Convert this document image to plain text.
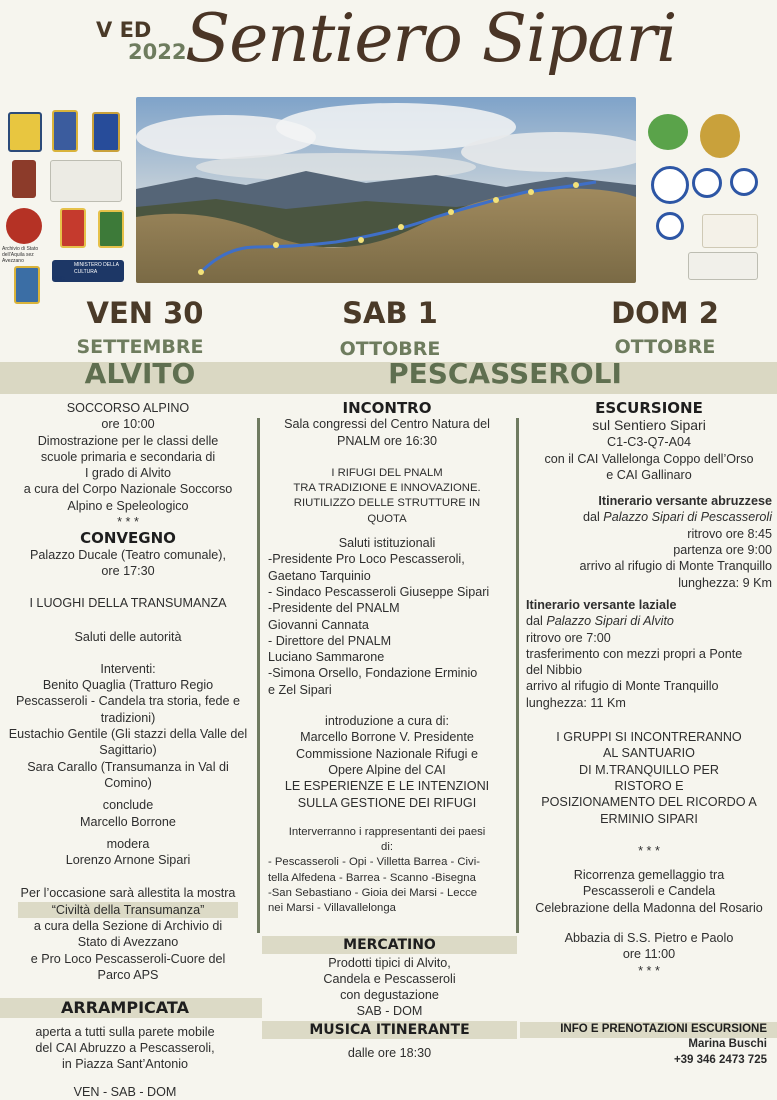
V ED
2022
Sentiero Sipari
Archivio di Stato dell'Aquila sez Avezzano
MINISTERO DELLA CULTURA
MiC
VEN 30
SETTEMBRE
SAB 1
OTTOBRE
DOM 2
OTTOBRE
ALVITO	PESCASSEROLI

SOCCORSO ALPINO

ore 10:00

Dimostrazione per le classi delle

scuole primaria e secondaria di

I grado di Alvito

a cura del Corpo Nazionale Soccorso

Alpino e Speleologico

* * *

CONVEGNO

Palazzo Ducale (Teatro comunale),

ore 17:30

I LUOGHI DELLA TRANSUMANZA

Saluti delle autorità

Interventi:

Benito Quaglia (Tratturo Regio

Pescasseroli - Candela tra storia, fede e

tradizioni)

Eustachio Gentile (Gli stazzi della Valle del

Sagittario)

Sara Carallo (Transumanza in Val di

Comino)

conclude

Marcello Borrone

modera

Lorenzo Arnone Sipari

Per l’occasione sarà allestita la mostra

“Civiltà della Transumanza”

a cura della Sezione di Archivio di

Stato di Avezzano

e Pro Loco Pescasseroli-Cuore del

Parco APS

INCONTRO

Sala congressi del Centro Natura del

PNALM ore 16:30

I RIFUGI DEL PNALM

TRA TRADIZIONE E INNOVAZIONE.

RIUTILIZZO DELLE STRUTTURE IN

QUOTA

Saluti istituzionali

-Presidente Pro Loco Pescasseroli,

Gaetano Tarquinio

- Sindaco Pescasseroli Giuseppe Sipari

-Presidente del PNALM

Giovanni Cannata

- Direttore del PNALM

Luciano Sammarone

-Simona Orsello, Fondazione Erminio

e Zel Sipari

introduzione a cura di:

Marcello Borrone V. Presidente

Commissione Nazionale Rifugi e

Opere Alpine del CAI

LE ESPERIENZE E LE INTENZIONI

SULLA GESTIONE DEI RIFUGI

Interverranno i rappresentanti dei paesi

di:

- Pescasseroli - Opi - Villetta Barrea - Civi-

tella Alfedena - Barrea - Scanno -Bisegna

-San Sebastiano - Gioia dei Marsi - Lecce

nei Marsi - Villavallelonga

MERCATINO

Prodotti tipici di Alvito,

Candela e Pescasseroli

con degustazione

SAB - DOM

MUSICA ITINERANTE
dalle ore 18:30

ESCURSIONE

sul Sentiero Sipari

C1-C3-Q7-A04

con il CAI Vallelonga Coppo dell’Orso

e CAI Gallinaro

Itinerario versante abruzzese

dal Palazzo Sipari di Pescasseroli

ritrovo ore 8:45

partenza ore 9:00

arrivo al rifugio di Monte Tranquillo

lunghezza: 9 Km

Itinerario versante laziale

dal Palazzo Sipari di Alvito

ritrovo ore 7:00

trasferimento con mezzi propri a Ponte

del Nibbio

arrivo al rifugio di Monte Tranquillo

lunghezza: 11 Km

I GRUPPI SI INCONTRERANNO

AL SANTUARIO

DI M.TRANQUILLO PER

RISTORO E

POSIZIONAMENTO DEL RICORDO A

ERMINIO SIPARI

* * *

Ricorrenza gemellaggio tra

Pescasseroli e Candela

Celebrazione della Madonna del Rosario

Abbazia di S.S. Pietro e Paolo

ore 11:00

* * *

ARRAMPICATA

aperta a tutti sulla parete mobile

del CAI Abruzzo a Pescasseroli,

in Piazza Sant’Antonio

VEN - SAB - DOM

INFO E PRENOTAZIONI ESCURSIONE
Marina Buschi
+39 346 2473 725
